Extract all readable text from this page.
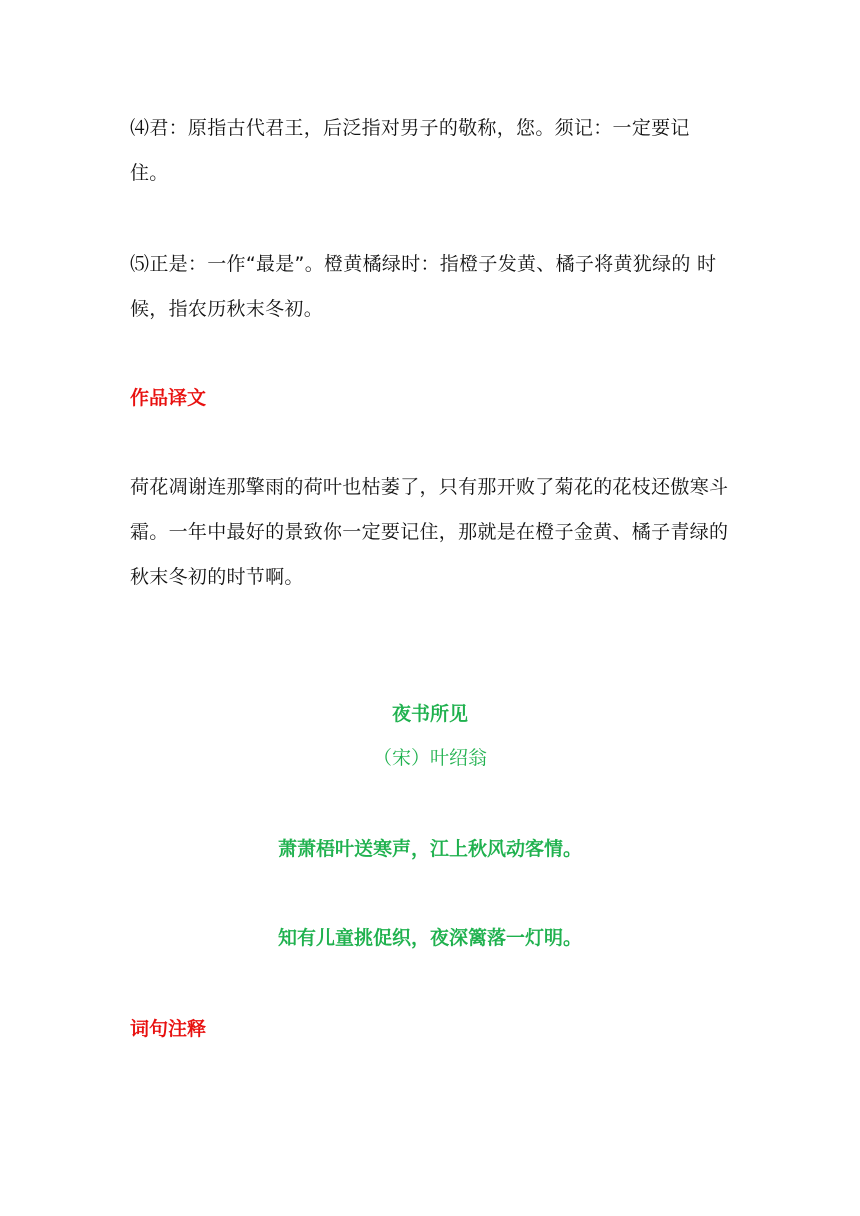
⑷君：原指古代君王，后泛指对男子的敬称，您。须记：一定要记 住。

⑸正是：一作“最是”。橙黄橘绿时：指橙子发黄、橘子将黄犹绿的 时候，指农历秋末冬初。

作品译文

荷花凋谢连那擎雨的荷叶也枯萎了，只有那开败了菊花的花枝还傲寒斗霜。一年中最好的景致你一定要记住，那就是在橙子金黄、橘子青绿的秋末冬初的时节啊。

夜书所见

（宋）叶绍翁

萧萧梧叶送寒声，江上秋风动客情。

知有儿童挑促织，夜深篱落一灯明。

词句注释
